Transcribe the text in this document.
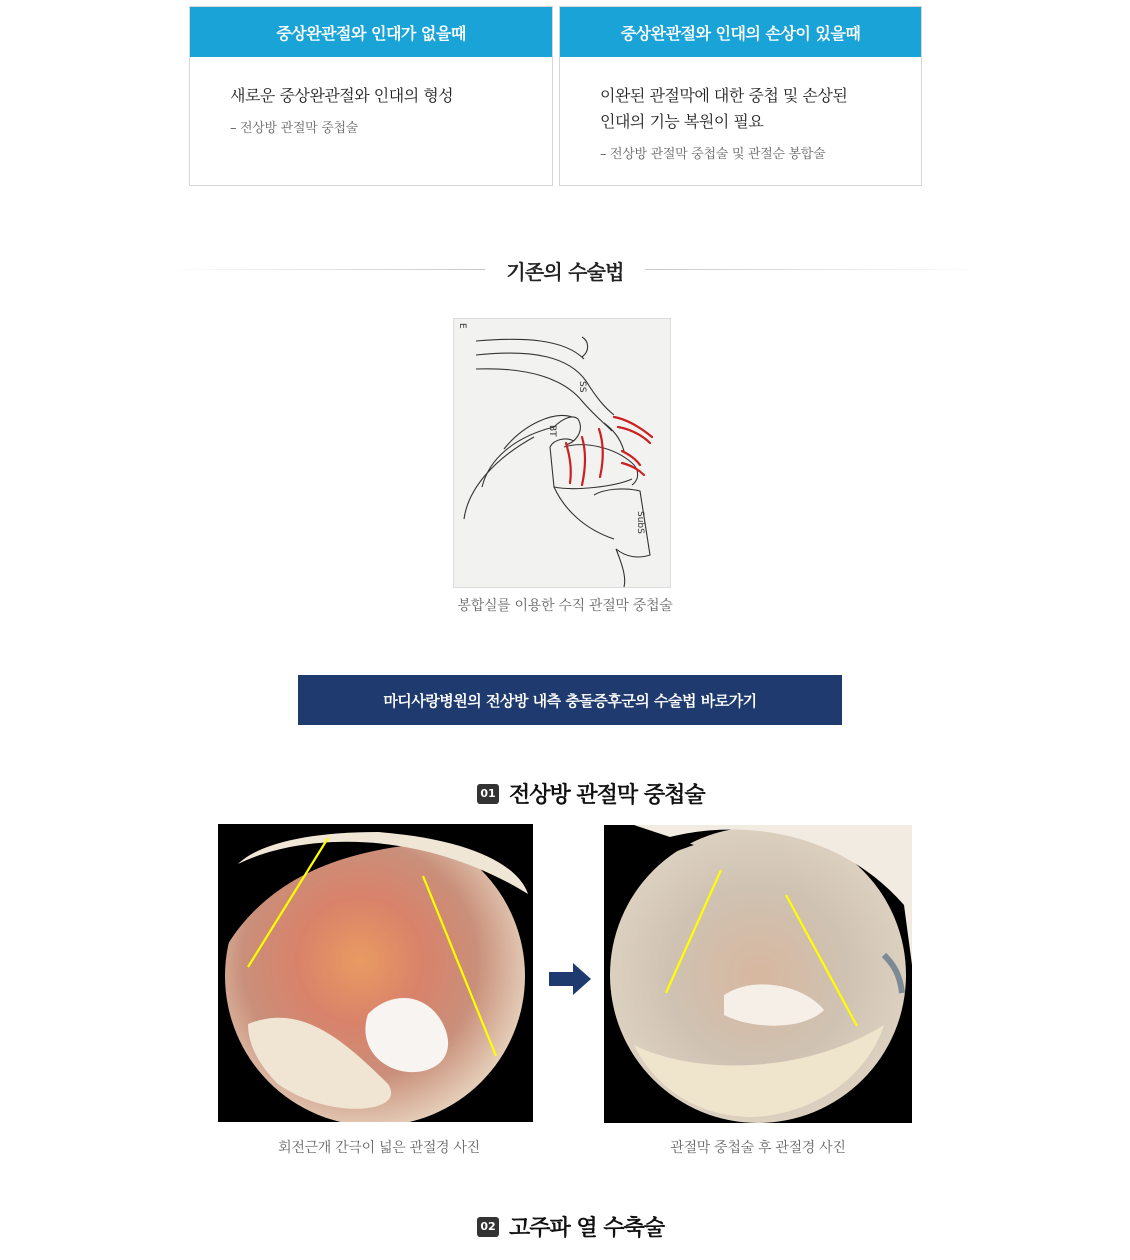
중상완관절와 인대가 없을때
새로운 중상완관절와 인대의 형성
– 전상방 관절막 중첩술
중상완관절와 인대의 손상이 있을때
이완된 관절막에 대한 중첩 및 손상된
인대의 기능 복원이 필요
– 전상방 관절막 중첩술 및 관절순 봉합술
기존의 수술법
E
SS
BT
SubS
봉합실를 이용한 수직 관절막 중첩술
마디사랑병원의 전상방 내측 충돌증후군의 수술법 바로가기
01 전상방 관절막 중첩술
회전근개 간극이 넓은 관절경 사진	관절막 중첩술 후 관절경 사진
02 고주파 열 수축술
